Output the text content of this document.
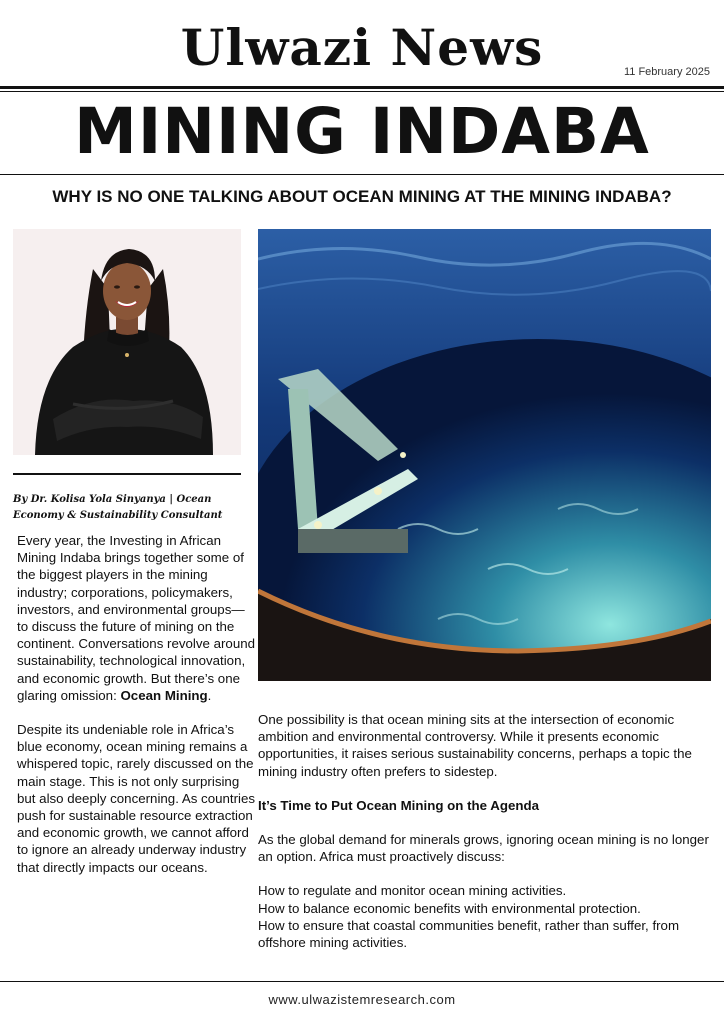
Ulwazi News	11 February 2025
MINING INDABA
WHY IS NO ONE TALKING ABOUT OCEAN MINING AT THE MINING INDABA?
By Dr. Kolisa Yola Sinyanya | Ocean Economy & Sustainability Consultant

Every year, the Investing in African Mining Indaba brings together some of the biggest players in the mining industry; corporations, policymakers, investors, and environmental groups—to discuss the future of mining on the continent. Conversations revolve around sustainability, technological innovation, and economic growth. But there’s one glaring omission: Ocean Mining.

Despite its undeniable role in Africa’s blue economy, ocean mining remains a whispered topic, rarely discussed on the main stage. This is not only surprising but also deeply concerning. As countries push for sustainable resource extraction and economic growth, we cannot afford to ignore an already underway industry that directly impacts our oceans.

One possibility is that ocean mining sits at the intersection of economic ambition and environmental controversy. While it presents economic opportunities, it raises serious sustainability concerns, perhaps a topic the mining industry often prefers to sidestep.

It’s Time to Put Ocean Mining on the Agenda

As the global demand for minerals grows, ignoring ocean mining is no longer an option. Africa must proactively discuss:

How to regulate and monitor ocean mining activities.

How to balance economic benefits with environmental protection.

How to ensure that coastal communities benefit, rather than suffer, from offshore mining activities.

www.ulwazistemresearch.com
